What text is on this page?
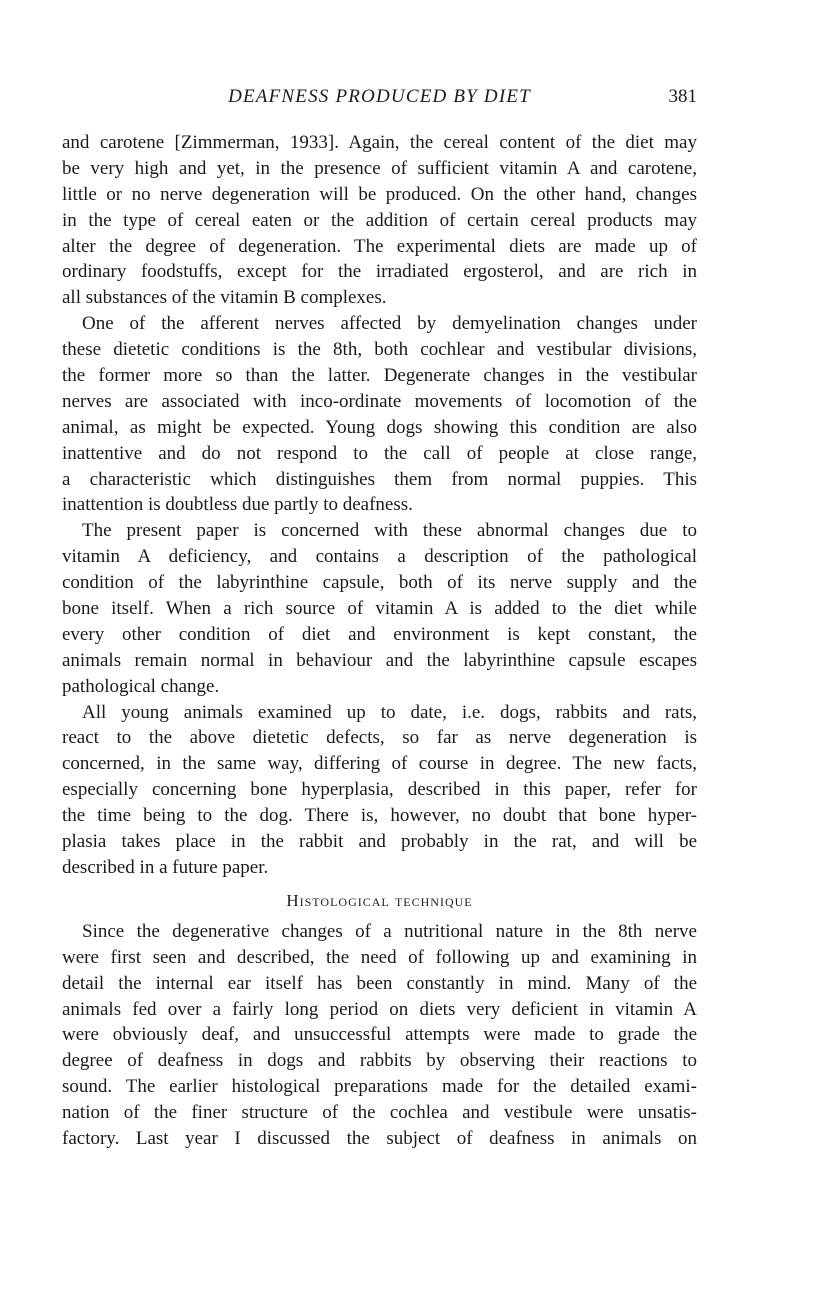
DEAFNESS PRODUCED BY DIET	381
and carotene [Zimmerman, 1933]. Again, the cereal content of the diet may
be very high and yet, in the presence of sufficient vitamin A and carotene,
little or no nerve degeneration will be produced. On the other hand, changes
in the type of cereal eaten or the addition of certain cereal products may
alter the degree of degeneration. The experimental diets are made up of
ordinary foodstuffs, except for the irradiated ergosterol, and are rich in
all substances of the vitamin B complexes.
One of the afferent nerves affected by demyelination changes under
these dietetic conditions is the 8th, both cochlear and vestibular divisions,
the former more so than the latter. Degenerate changes in the vestibular
nerves are associated with inco-ordinate movements of locomotion of the
animal, as might be expected. Young dogs showing this condition are also
inattentive and do not respond to the call of people at close range,
a characteristic which distinguishes them from normal puppies. This
inattention is doubtless due partly to deafness.
The present paper is concerned with these abnormal changes due to
vitamin A deficiency, and contains a description of the pathological
condition of the labyrinthine capsule, both of its nerve supply and the
bone itself. When a rich source of vitamin A is added to the diet while
every other condition of diet and environment is kept constant, the
animals remain normal in behaviour and the labyrinthine capsule escapes
pathological change.
All young animals examined up to date, i.e. dogs, rabbits and rats,
react to the above dietetic defects, so far as nerve degeneration is
concerned, in the same way, differing of course in degree. The new facts,
especially concerning bone hyperplasia, described in this paper, refer for
the time being to the dog. There is, however, no doubt that bone hyper-
plasia takes place in the rabbit and probably in the rat, and will be
described in a future paper.
Histological technique
Since the degenerative changes of a nutritional nature in the 8th nerve
were first seen and described, the need of following up and examining in
detail the internal ear itself has been constantly in mind. Many of the
animals fed over a fairly long period on diets very deficient in vitamin A
were obviously deaf, and unsuccessful attempts were made to grade the
degree of deafness in dogs and rabbits by observing their reactions to
sound. The earlier histological preparations made for the detailed exami-
nation of the finer structure of the cochlea and vestibule were unsatis-
factory. Last year I discussed the subject of deafness in animals on
